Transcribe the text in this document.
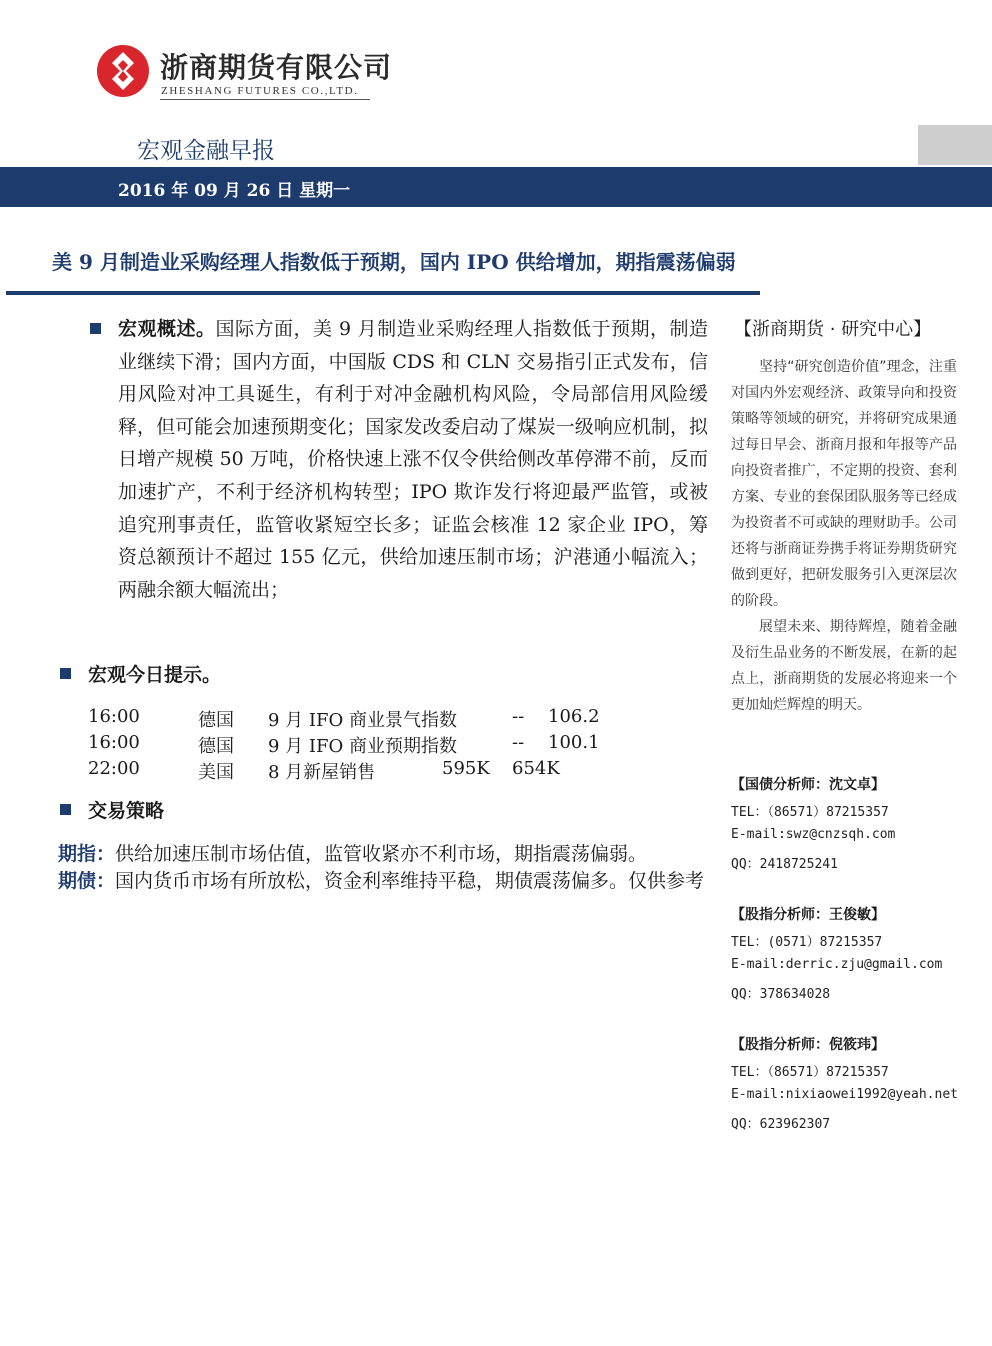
浙商期货有限公司
ZHESHANG FUTURES CO.,LTD.
宏观金融早报
2016 年 09 月 26 日 星期一
美 9 月制造业采购经理人指数低于预期，国内 IPO 供给增加，期指震荡偏弱
宏观概述。国际方面，美 9 月制造业采购经理人指数低于预期，制造业继续下滑；国内方面，中国版 CDS 和 CLN 交易指引正式发布，信用风险对冲工具诞生，有利于对冲金融机构风险，令局部信用风险缓释，但可能会加速预期变化；国家发改委启动了煤炭一级响应机制，拟日增产规模 50 万吨，价格快速上涨不仅令供给侧改革停滞不前，反而加速扩产，不利于经济机构转型；IPO 欺诈发行将迎最严监管，或被追究刑事责任，监管收紧短空长多；证监会核准 12 家企业 IPO，筹资总额预计不超过 155 亿元，供给加速压制市场；沪港通小幅流入；两融余额大幅流出；
宏观今日提示。
16:00	德国 9 月 IFO 商业景气指数	-- 106.2
16:00	德国 9 月 IFO 商业预期指数	-- 100.1
22:00	美国 8 月新屋销售	595K 654K
交易策略
期指：供给加速压制市场估值，监管收紧亦不利市场，期指震荡偏弱。
期债：国内货币市场有所放松，资金利率维持平稳，期债震荡偏多。仅供参考
【浙商期货 · 研究中心】
坚持“研究创造价值”理念，注重对国内外宏观经济、政策导向和投资策略等领域的研究，并将研究成果通过每日早会、浙商月报和年报等产品向投资者推广，不定期的投资、套利方案、专业的套保团队服务等已经成为投资者不可或缺的理财助手。公司还将与浙商证券携手将证券期货研究做到更好，把研发服务引入更深层次的阶段。
展望未来、期待辉煌，随着金融及衍生品业务的不断发展，在新的起点上，浙商期货的发展必将迎来一个更加灿烂辉煌的明天。
【国债分析师：沈文卓】
TEL：（86571）87215357
E-mail:swz@cnzsqh.com
QQ：2418725241
【股指分析师：王俊敏】
TEL：(0571）87215357
E-mail:derric.zju@gmail.com
QQ：378634028
【股指分析师：倪筱玮】
TEL：（86571）87215357
E-mail:nixiaowei1992@yeah.net
QQ：623962307
